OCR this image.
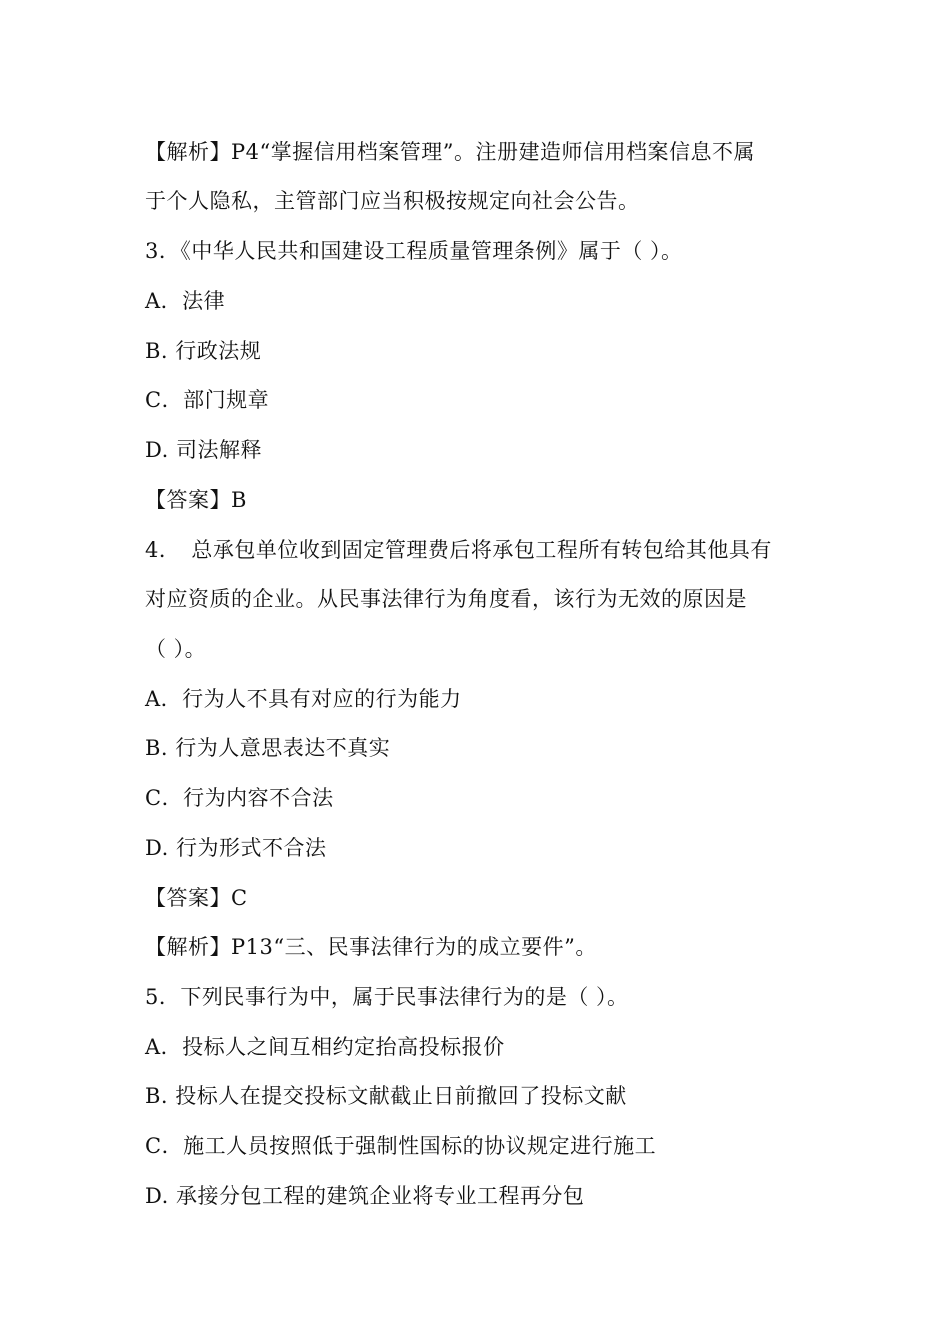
【解析】P4“掌握信用档案管理”。注册建造师信用档案信息不属
于个人隐私，主管部门应当积极按规定向社会公告。
3．《中华人民共和国建设工程质量管理条例》属于（ ）。
A．法律
B. 行政法规
C．部门规章
D. 司法解释
【答案】B
4．　总承包单位收到固定管理费后将承包工程所有转包给其他具有
对应资质的企业。从民事法律行为角度看，该行为无效的原因是
（ ）。
A．行为人不具有对应的行为能力
B. 行为人意思表达不真实
C．行为内容不合法
D. 行为形式不合法
【答案】C
【解析】P13“三、民事法律行为的成立要件”。
5．下列民事行为中，属于民事法律行为的是（ ）。
A．投标人之间互相约定抬高投标报价
B. 投标人在提交投标文献截止日前撤回了投标文献
C．施工人员按照低于强制性国标的协议规定进行施工
D. 承接分包工程的建筑企业将专业工程再分包
